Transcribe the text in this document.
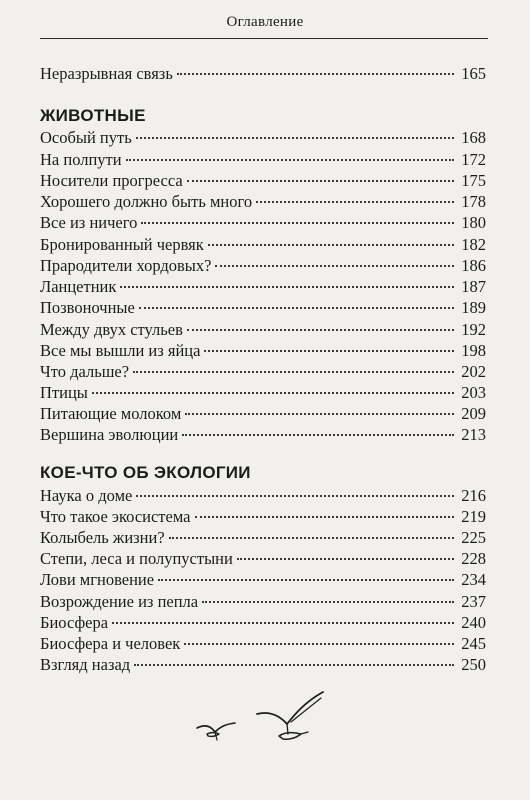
Оглавление
Неразрывная связь	165
ЖИВОТНЫЕ
Особый путь	168
На полпути	172
Носители прогресса	175
Хорошего должно быть много	178
Все из ничего	180
Бронированный червяк	182
Прародители хордовых?	186
Ланцетник	187
Позвоночные	189
Между двух стульев	192
Все мы вышли из яйца	198
Что дальше?	202
Птицы	203
Питающие молоком	209
Вершина эволюции	213
КОЕ-ЧТО ОБ ЭКОЛОГИИ
Наука о доме	216
Что такое экосистема	219
Колыбель жизни?	225
Степи, леса и полупустыни	228
Лови мгновение	234
Возрождение из пепла	237
Биосфера	240
Биосфера и человек	245
Взгляд назад	250
